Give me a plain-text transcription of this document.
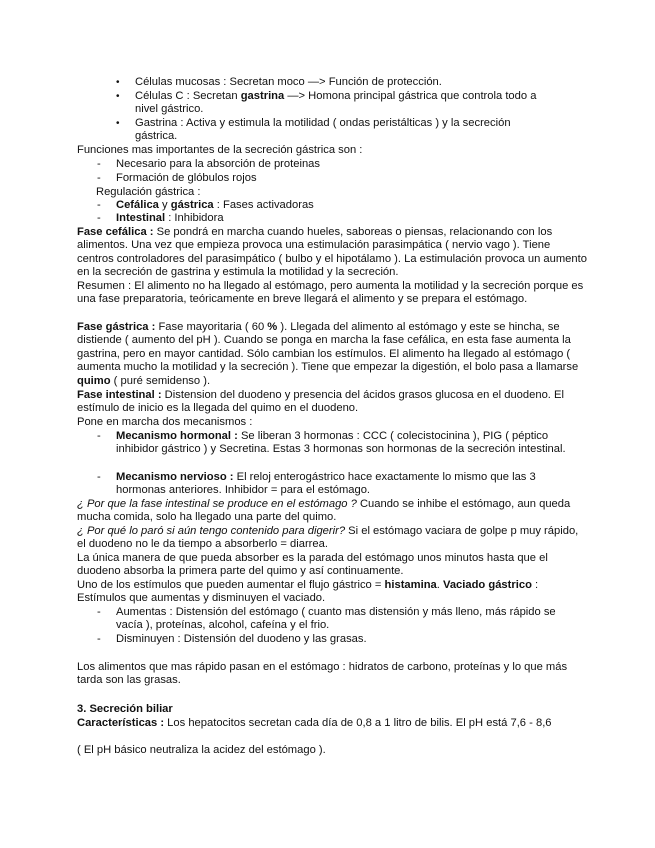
• Células mucosas : Secretan moco ―> Función de protección.
• Células C : Secretan gastrina ―> Homona principal gástrica que controla todo a
nivel gástrico.
• Gastrina : Activa y estimula la motilidad ( ondas peristálticas ) y la secreción
gástrica.
Funciones mas importantes de la secreción gástrica son :
- Necesario para la absorción de proteinas
- Formación de glóbulos rojos
Regulación gástrica :
- Cefálica y gástrica : Fases activadoras
- Intestinal : Inhibidora
Fase cefálica : Se pondrá en marcha cuando hueles, saboreas o piensas, relacionando con los alimentos. Una vez que empieza provoca una estimulación parasimpática ( nervio vago ). Tiene centros controladores del parasimpático ( bulbo y el hipotálamo ). La estimulación provoca un aumento en la secreción de gastrina y estimula la motilidad y la secreción.
Resumen : El alimento no ha llegado al estómago, pero aumenta la motilidad y la secreción porque es una fase preparatoria, teóricamente en breve llegará el alimento y se prepara el estómago.
Fase gástrica : Fase mayoritaria ( 60 % ). Llegada del alimento al estómago y este se hincha, se distiende ( aumento del pH ). Cuando se ponga en marcha la fase cefálica, en esta fase aumenta la gastrina, pero en mayor cantidad. Sólo cambian los estímulos. El alimento ha llegado al estómago ( aumenta mucho la motilidad y la secreción ). Tiene que empezar la digestión, el bolo pasa a llamarse quimo ( puré semidenso ).
Fase intestinal : Distension del duodeno y presencia del ácidos grasos glucosa en el duodeno. El estímulo de inicio es la llegada del quimo en el duodeno.
Pone en marcha dos mecanismos :
- Mecanismo hormonal : Se liberan 3 hormonas : CCC ( colecistocinina ), PIG ( péptico inhibidor gástrico ) y Secretina. Estas 3 hormonas son hormonas de la secreción intestinal.
- Mecanismo nervioso : El reloj enterogástrico hace exactamente lo mismo que las 3 hormonas anteriores. Inhibidor = para el estómago.
¿ Por que la fase intestinal se produce en el estómago ? Cuando se inhibe el estómago, aun queda mucha comida, solo ha llegado una parte del quimo.
¿ Por qué lo paró si aún tengo contenido para digerir? Si el estómago vaciara de golpe p muy rápido, el duodeno no le da tiempo a absorberlo = diarrea.
La única manera de que pueda absorber es la parada del estómago unos minutos hasta que el duodeno absorba la primera parte del quimo y así continuamente.
Uno de los estímulos que pueden aumentar el flujo gástrico = histamina. Vaciado gástrico : Estímulos que aumentas y disminuyen el vaciado.
- Aumentas : Distensión del estómago ( cuanto mas distensión y más lleno, más rápido se vacía ), proteínas, alcohol, cafeína y el frio.
- Disminuyen : Distensión del duodeno y las grasas.
Los alimentos que mas rápido pasan en el estómago : hidratos de carbono, proteínas y lo que más tarda son las grasas.
3. Secreción biliar
Características : Los hepatocitos secretan cada día de 0,8 a 1 litro de bilis. El pH está 7,6 - 8,6
( El pH básico neutraliza la acidez del estómago ).
